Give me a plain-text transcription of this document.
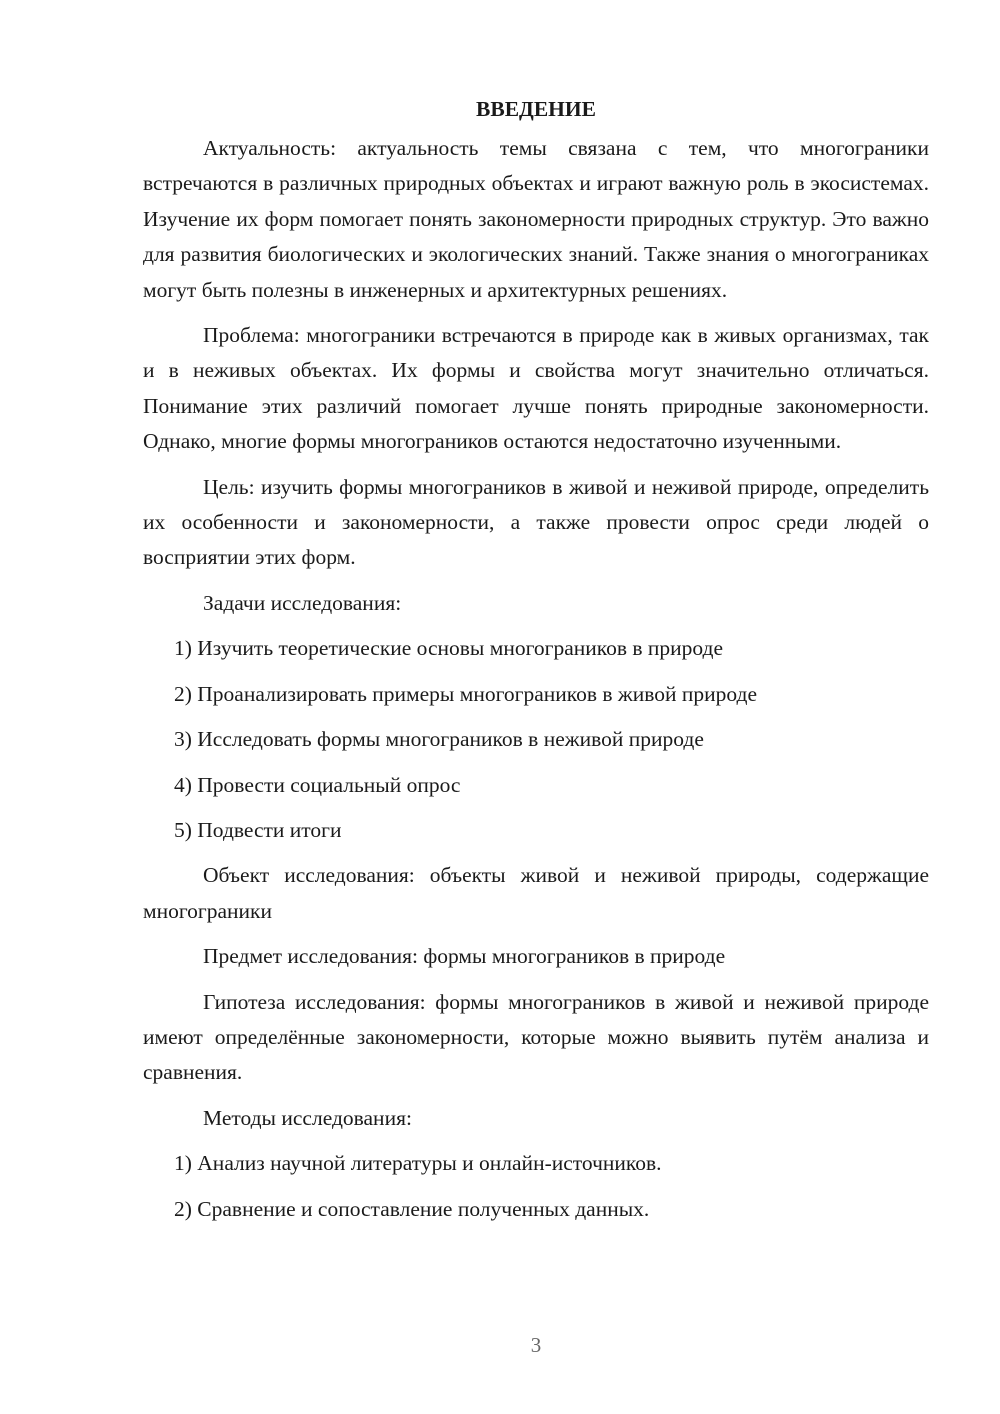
ВВЕДЕНИЕ

Актуальность: актуальность темы связана с тем, что многограники встречаются в различных природных объектах и играют важную роль в экосистемах. Изучение их форм помогает понять закономерности природных структур. Это важно для развития биологических и экологических знаний. Также знания о многограниках могут быть полезны в инженерных и архитектурных решениях.

Проблема: многограники встречаются в природе как в живых организмах, так и в неживых объектах. Их формы и свойства могут значительно отличаться. Понимание этих различий помогает лучше понять природные закономерности. Однако, многие формы многограников остаются недостаточно изученными.

Цель: изучить формы многограников в живой и неживой природе, определить их особенности и закономерности, а также провести опрос среди людей о восприятии этих форм.

Задачи исследования:

1) Изучить теоретические основы многограников в природе

2) Проанализировать примеры многограников в живой природе

3) Исследовать формы многограников в неживой природе

4) Провести социальный опрос

5) Подвести итоги

Объект исследования: объекты живой и неживой природы, содержащие многограники

Предмет исследования: формы многограников в природе

Гипотеза исследования: формы многограников в живой и неживой природе имеют определённые закономерности, которые можно выявить путём анализа и сравнения.

Методы исследования:

1) Анализ научной литературы и онлайн-источников.

2) Сравнение и сопоставление полученных данных.

3
